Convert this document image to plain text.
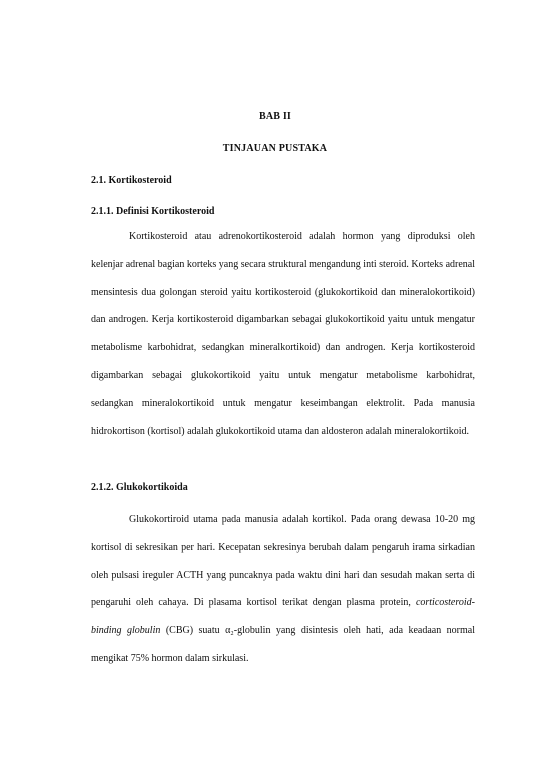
BAB II
TINJAUAN PUSTAKA
2.1. Kortikosteroid
2.1.1. Definisi Kortikosteroid

Kortikosteroid atau adrenokortikosteroid adalah hormon yang diproduksi oleh kelenjar adrenal bagian korteks yang secara struktural mengandung inti steroid. Korteks adrenal mensintesis dua golongan steroid yaitu kortikosteroid (glukokortikoid dan mineralokortikoid) dan androgen. Kerja kortikosteroid digambarkan sebagai glukokortikoid yaitu untuk mengatur metabolisme karbohidrat, sedangkan mineralkortikoid) dan androgen. Kerja kortikosteroid digambarkan sebagai glukokortikoid yaitu untuk mengatur metabolisme karbohidrat, sedangkan mineralokortikoid untuk mengatur keseimbangan elektrolit. Pada manusia hidrokortison (kortisol) adalah glukokortikoid utama dan aldosteron adalah mineralokortikoid.

2.1.2. Glukokortikoida

Glukokortiroid utama pada manusia adalah kortikol. Pada orang dewasa 10-20 mg kortisol di sekresikan per hari. Kecepatan sekresinya berubah dalam pengaruh irama sirkadian oleh pulsasi ireguler ACTH yang puncaknya pada waktu dini hari dan sesudah makan serta di pengaruhi oleh cahaya. Di plasama kortisol terikat dengan plasma protein, corticosteroid-binding globulin (CBG) suatu α₂-globulin yang disintesis oleh hati, ada keadaan normal mengikat 75% hormon dalam sirkulasi.
